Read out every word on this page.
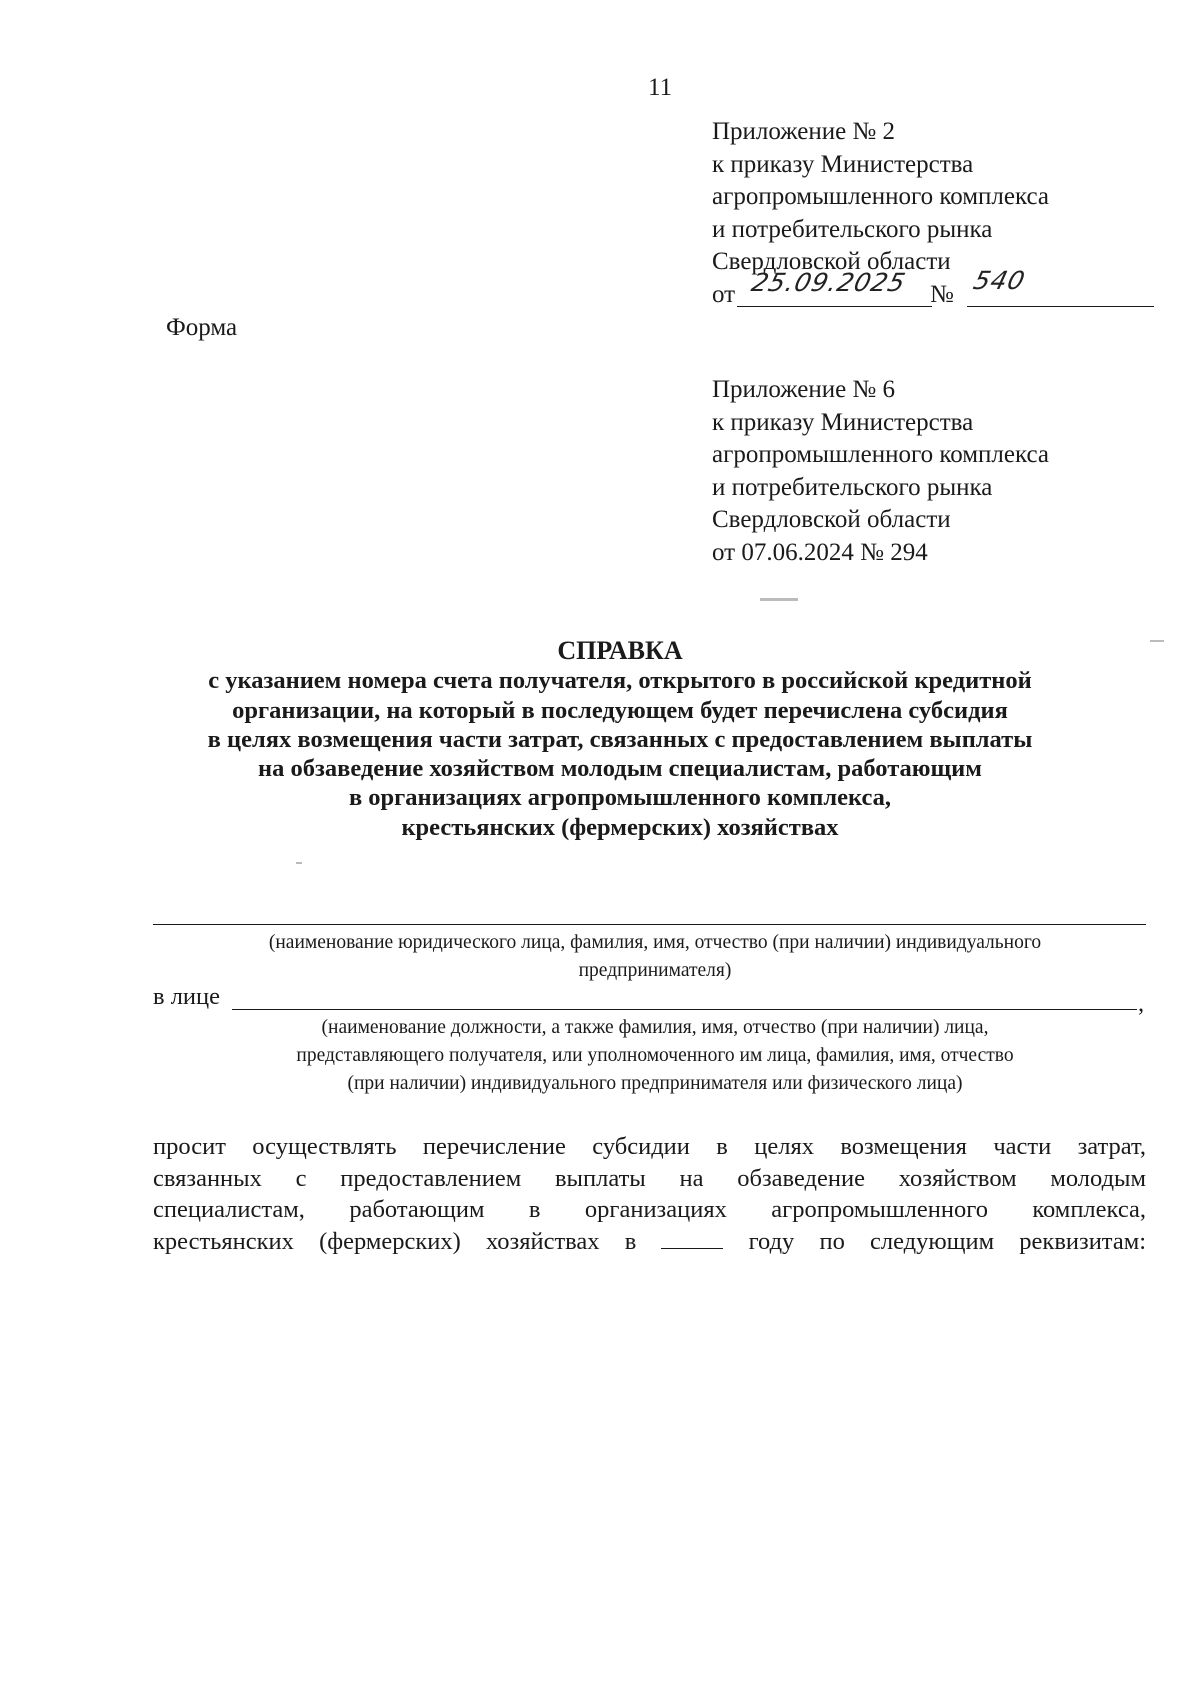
11
Приложение № 2
к приказу Министерства
агропромышленного комплекса
и потребительского рынка
Свердловской области
от 25.09.2025 № 540
Форма
Приложение № 6
к приказу Министерства
агропромышленного комплекса
и потребительского рынка
Свердловской области
от 07.06.2024 № 294
СПРАВКА
с указанием номера счета получателя, открытого в российской кредитной
организации, на который в последующем будет перечислена субсидия
в целях возмещения части затрат, связанных с предоставлением выплаты
на обзаведение хозяйством молодым специалистам, работающим
в организациях агропромышленного комплекса,
крестьянских (фермерских) хозяйствах
(наименование юридического лица, фамилия, имя, отчество (при наличии) индивидуального
предпринимателя)
в лице	,
(наименование должности, а также фамилия, имя, отчество (при наличии) лица,
представляющего получателя, или уполномоченного им лица, фамилия, имя, отчество
(при наличии) индивидуального предпринимателя или физического лица)
просит осуществлять перечисление субсидии в целях возмещения части затрат,
связанных с предоставлением выплаты на обзаведение хозяйством молодым
специалистам, работающим в организациях агропромышленного комплекса,
крестьянских (фермерских) хозяйствах в	году по следующим реквизитам:
